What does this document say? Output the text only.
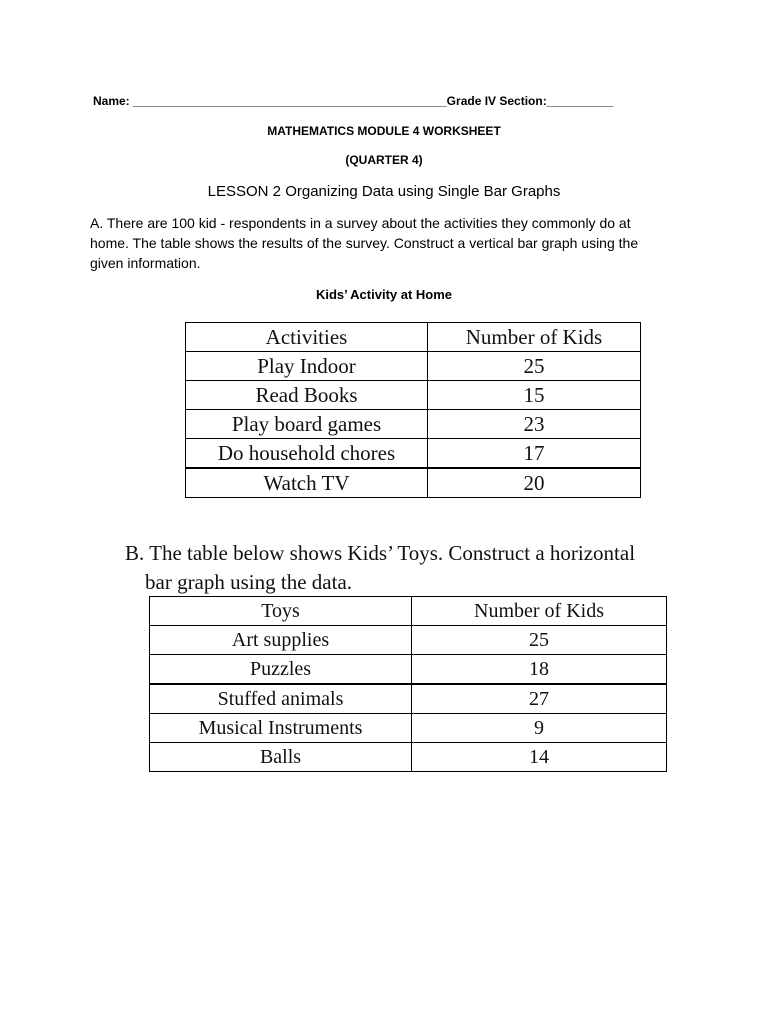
Name: _______________________________________________Grade IV Section:__________
MATHEMATICS MODULE 4 WORKSHEET
(QUARTER 4)
LESSON 2 Organizing Data using Single Bar Graphs
A. There are 100 kid - respondents in a survey about the activities they commonly do at home. The table shows the results of the survey. Construct a vertical bar graph using the given information.
Kids’ Activity at Home
Activities	Number of Kids
Play Indoor	25
Read Books	15
Play board games	23
Do household chores	17
Watch TV	20
B. The table below shows Kids’ Toys. Construct a horizontal
bar graph using the data.
Toys	Number of Kids
Art supplies	25
Puzzles	18
Stuffed animals	27
Musical Instruments	9
Balls	14
